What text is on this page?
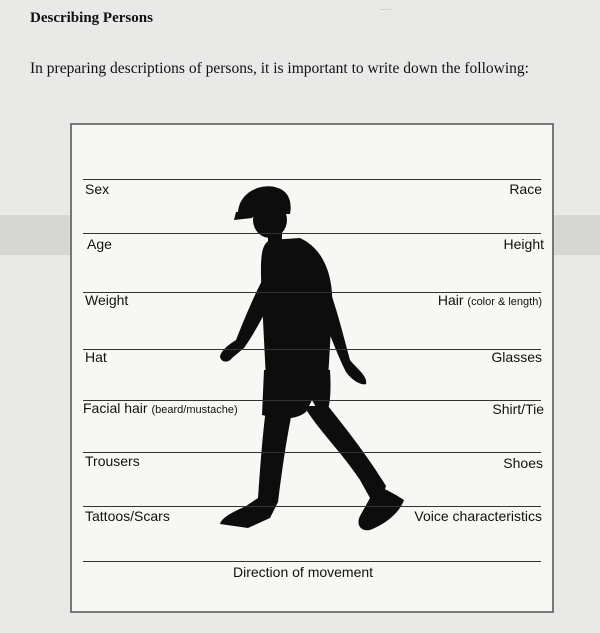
—
Describing Persons
In preparing descriptions of persons, it is important to write down the following:
Sex	Race
Age	Height
Weight	Hair (color & length)
Hat	Glasses
Facial hair (beard/mustache)	Shirt/Tie
Trousers	Shoes
Tattoos/Scars	Voice characteristics
Direction of movement
